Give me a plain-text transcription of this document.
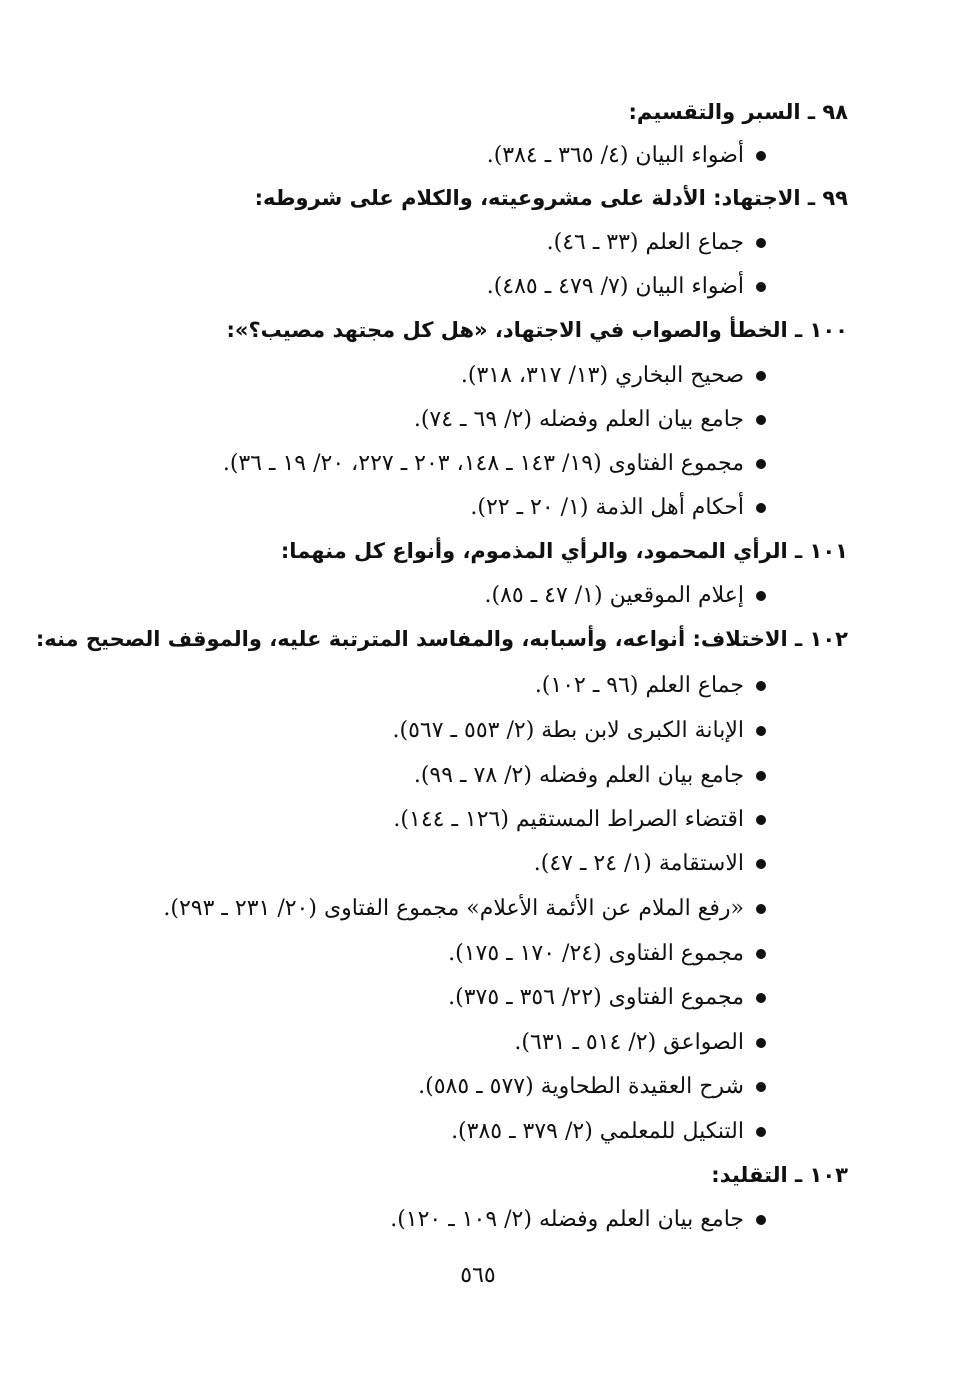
٩٨ ـ السبر والتقسيم:
أضواء البيان (٤/ ٣٦٥ ـ ٣٨٤).
٩٩ ـ الاجتهاد: الأدلة على مشروعيته، والكلام على شروطه:
جماع العلم (٣٣ ـ ٤٦).
أضواء البيان (٧/ ٤٧٩ ـ ٤٨٥).
١٠٠ ـ الخطأ والصواب في الاجتهاد، «هل كل مجتهد مصيب؟»:
صحيح البخاري (١٣/ ٣١٧، ٣١٨).
جامع بيان العلم وفضله (٢/ ٦٩ ـ ٧٤).
مجموع الفتاوى (١٩/ ١٤٣ ـ ١٤٨، ٢٠٣ ـ ٢٢٧، ٢٠/ ١٩ ـ ٣٦).
أحكام أهل الذمة (١/ ٢٠ ـ ٢٢).
١٠١ ـ الرأي المحمود، والرأي المذموم، وأنواع كل منهما:
إعلام الموقعين (١/ ٤٧ ـ ٨٥).
١٠٢ ـ الاختلاف: أنواعه، وأسبابه، والمفاسد المترتبة عليه، والموقف الصحيح منه:
جماع العلم (٩٦ ـ ١٠٢).
الإبانة الكبرى لابن بطة (٢/ ٥٥٣ ـ ٥٦٧).
جامع بيان العلم وفضله (٢/ ٧٨ ـ ٩٩).
اقتضاء الصراط المستقيم (١٢٦ ـ ١٤٤).
الاستقامة (١/ ٢٤ ـ ٤٧).
«رفع الملام عن الأئمة الأعلام» مجموع الفتاوى (٢٠/ ٢٣١ ـ ٢٩٣).
مجموع الفتاوى (٢٤/ ١٧٠ ـ ١٧٥).
مجموع الفتاوى (٢٢/ ٣٥٦ ـ ٣٧٥).
الصواعق (٢/ ٥١٤ ـ ٦٣١).
شرح العقيدة الطحاوية (٥٧٧ ـ ٥٨٥).
التنكيل للمعلمي (٢/ ٣٧٩ ـ ٣٨٥).
١٠٣ ـ التقليد:
جامع بيان العلم وفضله (٢/ ١٠٩ ـ ١٢٠).
٥٦٥
